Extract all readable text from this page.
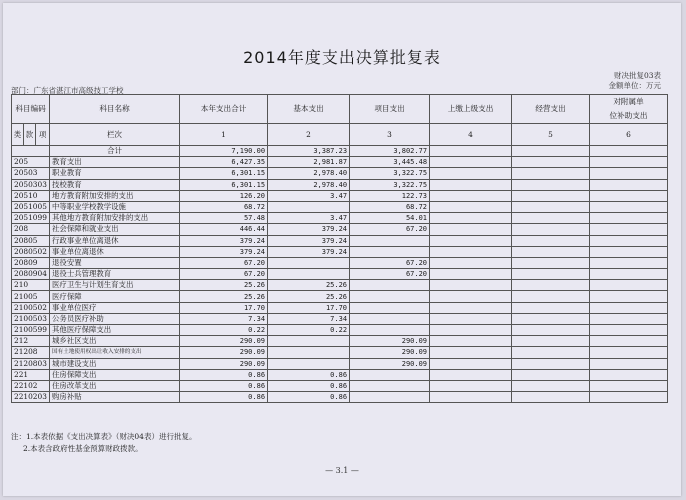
2014年度支出决算批复表
财决批复03表
金额单位：万元
部门：广东省湛江市高级技工学校
科目编码			科目名称	本年支出合计	基本支出	项目支出	上缴上级支出	经营支出	对附属单
位补助支出

类	款	项	栏次	1	2	3	4	5	6
			合计	7,190.00	3,387.23	3,802.77			
205			教育支出	6,427.35	2,981.87	3,445.48			
20503			职业教育	6,301.15	2,978.40	3,322.75			
2050303			技校教育	6,301.15	2,978.40	3,322.75			
20510			地方教育附加安排的支出	126.20	3.47	122.73			
2051005			中等职业学校教学设施	68.72		68.72			
2051099			其他地方教育附加安排的支出	57.48	3.47	54.01			
208			社会保障和就业支出	446.44	379.24	67.20			
20805			行政事业单位离退休	379.24	379.24				
2080502			事业单位离退休	379.24	379.24				
20809			退役安置	67.20		67.20			
2080904			退役士兵管理教育	67.20		67.20			
210			医疗卫生与计划生育支出	25.26	25.26				
21005			医疗保障	25.26	25.26				
2100502			事业单位医疗	17.70	17.70				
2100503			公务员医疗补助	7.34	7.34				
2100599			其他医疗保障支出	0.22	0.22				
212			城乡社区支出	290.09		290.09			
21208			国有土地使用权出让收入安排的支出	290.09		290.09			
2120803			城市建设支出	290.09		290.09			
221			住房保障支出	0.86	0.86				
22102			住房改革支出	0.86	0.86				
2210203			购房补贴	0.86	0.86				
注：1.本表依据《支出决算表》（财决04表）进行批复。
2.本表含政府性基金预算财政拨款。
— 3.1 —
